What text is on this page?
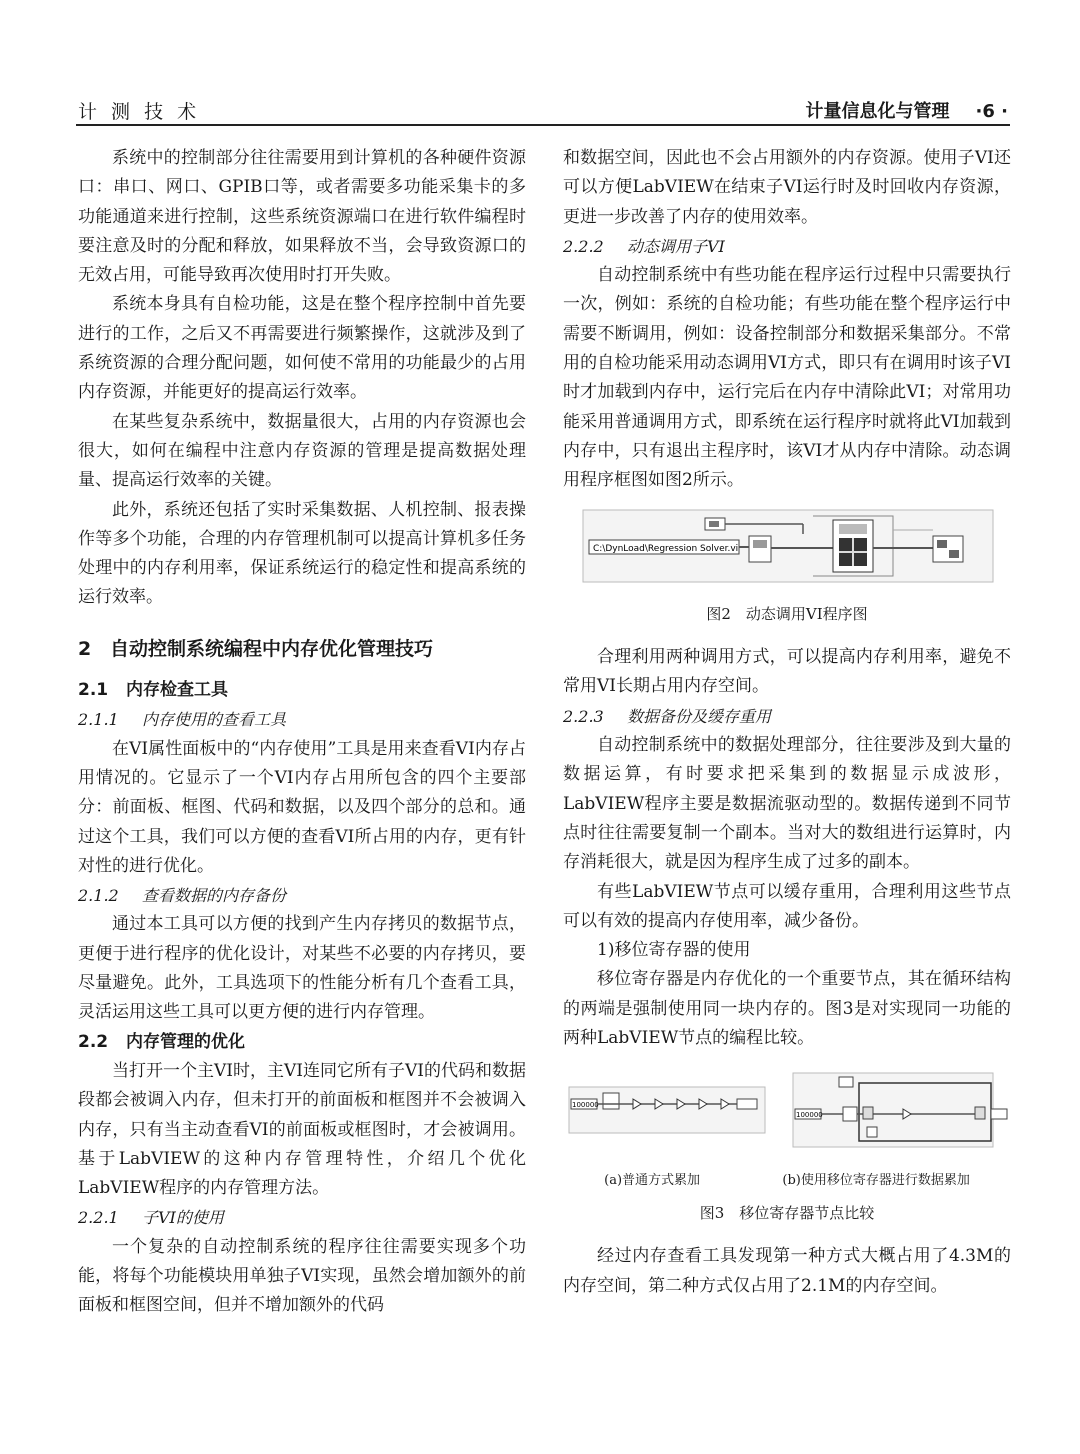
计 测 技 术	计量信息化与管理 ·6 ·

系统中的控制部分往往需要用到计算机的各种硬件资源口：串口、网口、GPIB口等，或者需要多功能采集卡的多功能通道来进行控制，这些系统资源端口在进行软件编程时要注意及时的分配和释放，如果释放不当，会导致资源口的无效占用，可能导致再次使用时打开失败。

系统本身具有自检功能，这是在整个程序控制中首先要进行的工作，之后又不再需要进行频繁操作，这就涉及到了系统资源的合理分配问题，如何使不常用的功能最少的占用内存资源，并能更好的提高运行效率。

在某些复杂系统中，数据量很大，占用的内存资源也会很大，如何在编程中注意内存资源的管理是提高数据处理量、提高运行效率的关键。

此外，系统还包括了实时采集数据、人机控制、报表操作等多个功能，合理的内存管理机制可以提高计算机多任务处理中的内存利用率，保证系统运行的稳定性和提高系统的运行效率。

2 自动控制系统编程中内存优化管理技巧
2.1 内存检查工具
2.1.1 内存使用的查看工具

在VI属性面板中的“内存使用”工具是用来查看VI内存占用情况的。它显示了一个VI内存占用所包含的四个主要部分：前面板、框图、代码和数据，以及四个部分的总和。通过这个工具，我们可以方便的查看VI所占用的内存，更有针对性的进行优化。

2.1.2 查看数据的内存备份

通过本工具可以方便的找到产生内存拷贝的数据节点，更便于进行程序的优化设计，对某些不必要的内存拷贝，要尽量避免。此外，工具选项下的性能分析有几个查看工具，灵活运用这些工具可以更方便的进行内存管理。

2.2 内存管理的优化

当打开一个主VI时，主VI连同它所有子VI的代码和数据段都会被调入内存，但未打开的前面板和框图并不会被调入内存，只有当主动查看VI的前面板或框图时，才会被调用。基于LabVIEW的这种内存管理特性，介绍几个优化LabVIEW程序的内存管理方法。

2.2.1 子VI的使用

一个复杂的自动控制系统的程序往往需要实现多个功能，将每个功能模块用单独子VI实现，虽然会增加额外的前面板和框图空间，但并不增加额外的代码

和数据空间，因此也不会占用额外的内存资源。使用子VI还可以方便LabVIEW在结束子VI运行时及时回收内存资源，更进一步改善了内存的使用效率。

2.2.2 动态调用子VI

自动控制系统中有些功能在程序运行过程中只需要执行一次，例如：系统的自检功能；有些功能在整个程序运行中需要不断调用，例如：设备控制部分和数据采集部分。不常用的自检功能采用动态调用VI方式，即只有在调用时该子VI时才加载到内存中，运行完后在内存中清除此VI；对常用功能采用普通调用方式，即系统在运行程序时就将此VI加载到内存中，只有退出主程序时，该VI才从内存中清除。动态调用程序框图如图2所示。

C:\DynLoad\Regression Solver.vi
图2　动态调用VI程序图

合理利用两种调用方式，可以提高内存利用率，避免不常用VI长期占用内存空间。

2.2.3 数据备份及缓存重用

自动控制系统中的数据处理部分，往往要涉及到大量的数据运算，有时要求把采集到的数据显示成波形，LabVIEW程序主要是数据流驱动型的。数据传递到不同节点时往往需要复制一个副本。当对大的数组进行运算时，内存消耗很大，就是因为程序生成了过多的副本。

有些LabVIEW节点可以缓存重用，合理利用这些节点可以有效的提高内存使用率，减少备份。

1)移位寄存器的使用

移位寄存器是内存优化的一个重要节点，其在循环结构的两端是强制使用同一块内存的。图3是对实现同一功能的两种LabVIEW节点的编程比较。

100000
100000
(a)普通方式累加	(b)使用移位寄存器进行数据累加
图3　移位寄存器节点比较

经过内存查看工具发现第一种方式大概占用了4.3M的内存空间，第二种方式仅占用了2.1M的内存空间。
